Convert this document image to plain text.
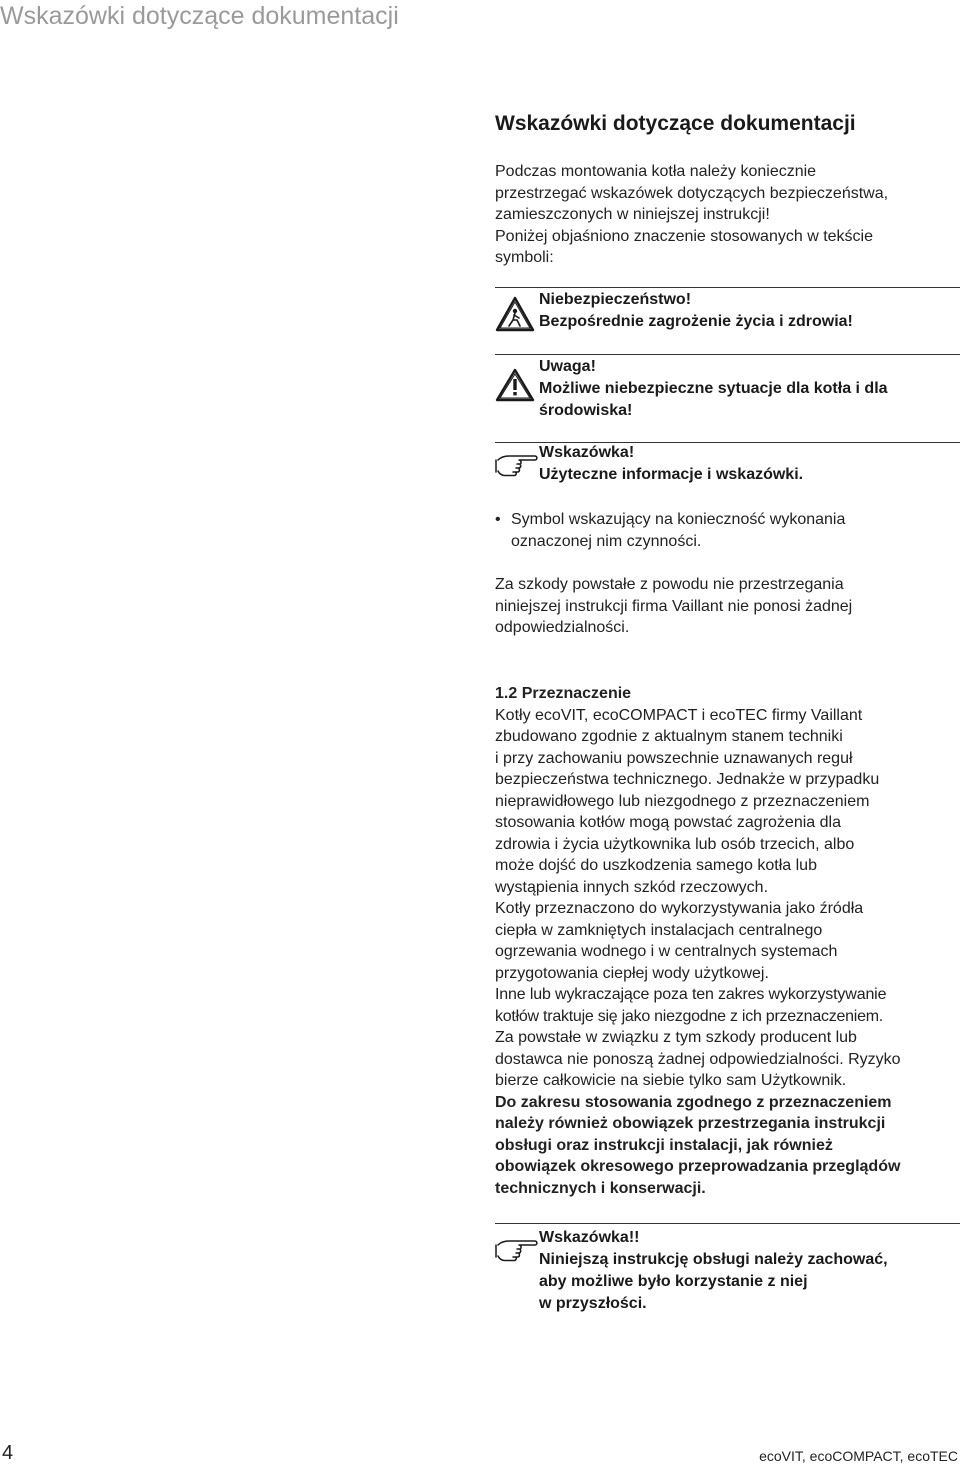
Wskazówki dotyczące dokumentacji
Wskazówki dotyczące dokumentacji
Podczas montowania kotła należy koniecznie
przestrzegać wskazówek dotyczących bezpieczeństwa,
zamieszczonych w niniejszej instrukcji!
Poniżej objaśniono znaczenie stosowanych w tekście
symboli:
Niebezpieczeństwo!
Bezpośrednie zagrożenie życia i zdrowia!
Uwaga!
Możliwe niebezpieczne sytuacje dla kotła i dla
środowiska!
Wskazówka!
Użyteczne informacje i wskazówki.
• Symbol wskazujący na konieczność wykonania
oznaczonej nim czynności.
Za szkody powstałe z powodu nie przestrzegania
niniejszej instrukcji firma Vaillant nie ponosi żadnej
odpowiedzialności.
1.2 Przeznaczenie
Kotły ecoVIT, ecoCOMPACT i ecoTEC firmy Vaillant
zbudowano zgodnie z aktualnym stanem techniki
i przy zachowaniu powszechnie uznawanych reguł
bezpieczeństwa technicznego. Jednakże w przypadku
nieprawidłowego lub niezgodnego z przeznaczeniem
stosowania kotłów mogą powstać zagrożenia dla
zdrowia i życia użytkownika lub osób trzecich, albo
może dojść do uszkodzenia samego kotła lub
wystąpienia innych szkód rzeczowych.
Kotły przeznaczono do wykorzystywania jako źródła
ciepła w zamkniętych instalacjach centralnego
ogrzewania wodnego i w centralnych systemach
przygotowania ciepłej wody użytkowej.
Inne lub wykraczające poza ten zakres wykorzystywanie
kotłów traktuje się jako niezgodne z ich przeznaczeniem.
Za powstałe w związku z tym szkody producent lub
dostawca nie ponoszą żadnej odpowiedzialności. Ryzyko
bierze całkowicie na siebie tylko sam Użytkownik.
Do zakresu stosowania zgodnego z przeznaczeniem
należy również obowiązek przestrzegania instrukcji
obsługi oraz instrukcji instalacji, jak również
obowiązek okresowego przeprowadzania przeglądów
technicznych i konserwacji.
Wskazówka!!
Niniejszą instrukcję obsługi należy zachować,
aby możliwe było korzystanie z niej
w przyszłości.
4	ecoVIT, ecoCOMPACT, ecoTEC
